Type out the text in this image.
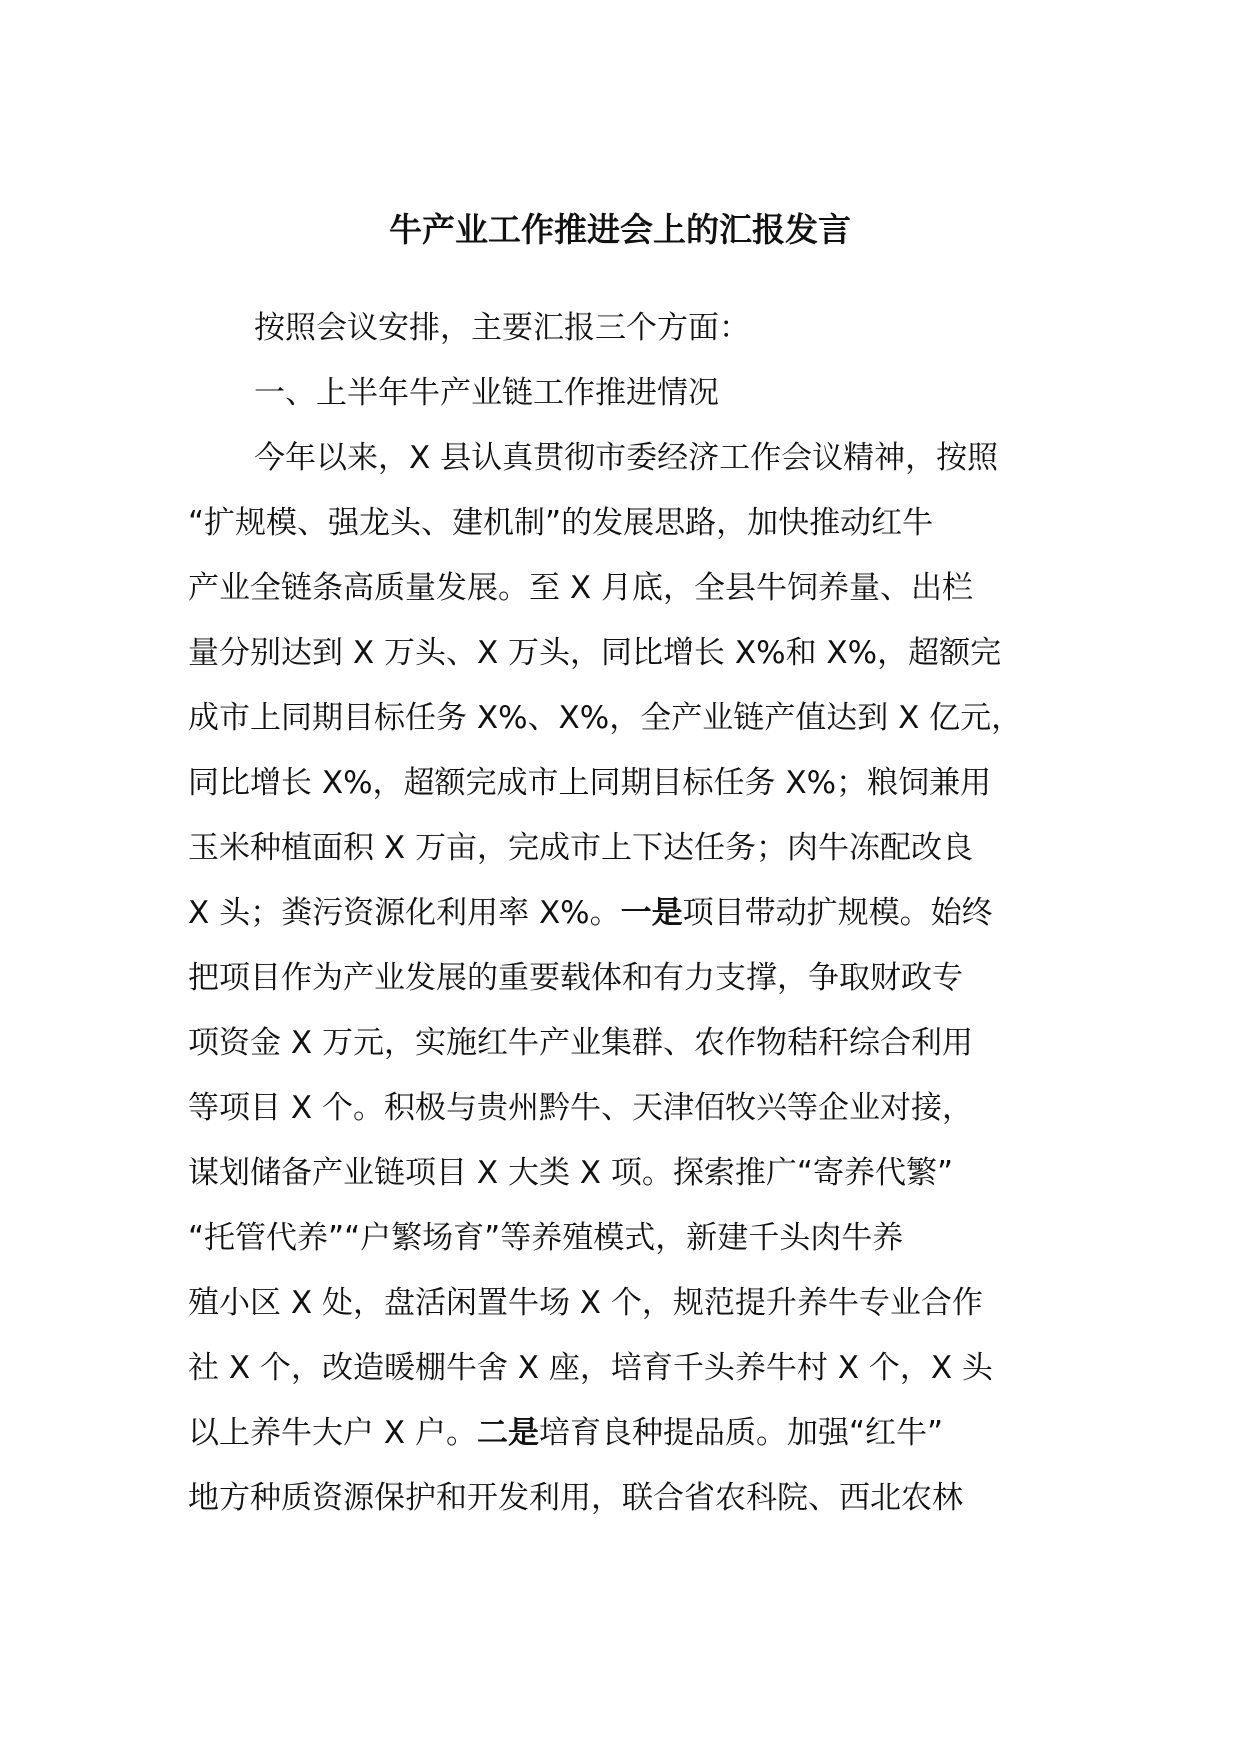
牛产业工作推进会上的汇报发言
按照会议安排，主要汇报三个方面：
一、上半年牛产业链工作推进情况
今年以来，X 县认真贯彻市委经济工作会议精神，按照
“扩规模、强龙头、建机制”的发展思路，加快推动红牛
产业全链条高质量发展。至 X 月底，全县牛饲养量、出栏
量分别达到 X 万头、X 万头，同比增长 X%和 X%，超额完
成市上同期目标任务 X%、X%，全产业链产值达到 X 亿元，
同比增长 X%，超额完成市上同期目标任务 X%；粮饲兼用
玉米种植面积 X 万亩，完成市上下达任务；肉牛冻配改良
X 头；粪污资源化利用率 X%。一是项目带动扩规模。始终
把项目作为产业发展的重要载体和有力支撑，争取财政专
项资金 X 万元，实施红牛产业集群、农作物秸秆综合利用
等项目 X 个。积极与贵州黔牛、天津佰牧兴等企业对接，
谋划储备产业链项目 X 大类 X 项。探索推广“寄养代繁”
“托管代养”“户繁场育”等养殖模式，新建千头肉牛养
殖小区 X 处，盘活闲置牛场 X 个，规范提升养牛专业合作
社 X 个，改造暖棚牛舍 X 座，培育千头养牛村 X 个，X 头
以上养牛大户 X 户。二是培育良种提品质。加强“红牛”
地方种质资源保护和开发利用，联合省农科院、西北农林
